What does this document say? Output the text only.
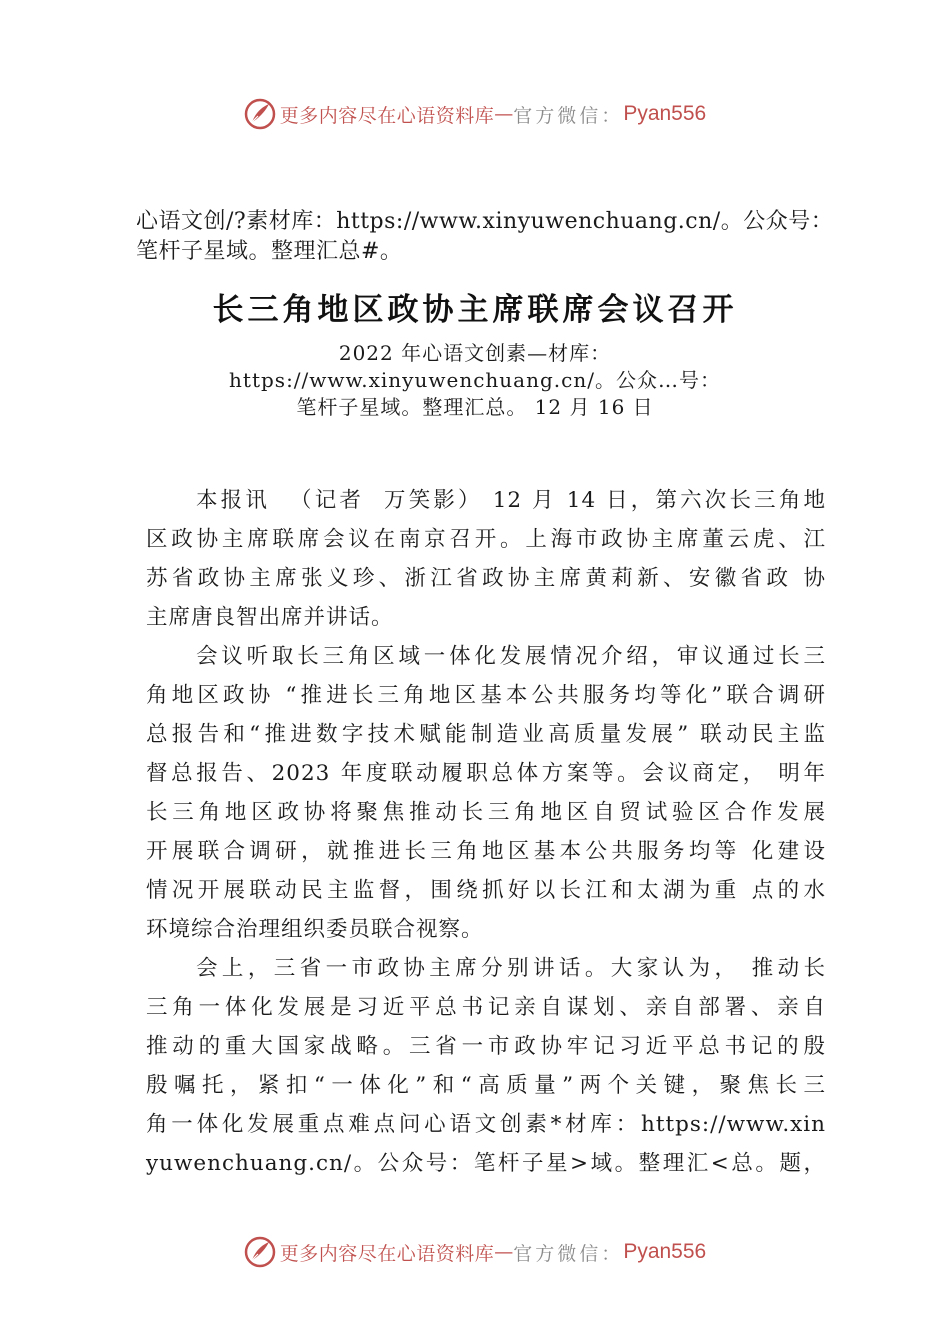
更多内容尽在心语资料库 — 官方微信： Pyan556
心语文创/?素材库：https://www.xinyuwenchuang.cn/。公众号：
笔杆子星域。整理汇总#。
长三角地区政协主席联席会议召开
2022 年心语文创素—材库：
https://www.xinyuwenchuang.cn/。公众…号：
笔杆子星域。整理汇总。 12 月 16 日
本报讯  （记者  万笑影） 12 月 14 日，第六次长三角地
区政协主席联席会议在南京召开。上海市政协主席董云虎、江
苏省政协主席张义珍、浙江省政协主席黄莉新、安徽省政 协
主席唐良智出席并讲话。
会议听取长三角区域一体化发展情况介绍，审议通过长三
角地区政协 “推进长三角地区基本公共服务均等化”联合调研
总报告和“推进数字技术赋能制造业高质量发展” 联动民主监
督总报告、2023 年度联动履职总体方案等。会议商定， 明年
长三角地区政协将聚焦推动长三角地区自贸试验区合作发展
开展联合调研，就推进长三角地区基本公共服务均等 化建设
情况开展联动民主监督，围绕抓好以长江和太湖为重 点的水
环境综合治理组织委员联合视察。
会上，三省一市政协主席分别讲话。大家认为， 推动长
三角一体化发展是习近平总书记亲自谋划、亲自部署、亲自
推动的重大国家战略。三省一市政协牢记习近平总书记的殷
殷嘱托，紧扣“一体化”和“高质量”两个关键，聚焦长三
角一体化发展重点难点问心语文创素*材库：https://www.xin
yuwenchuang.cn/。公众号：笔杆子星>域。整理汇<总。题，
更多内容尽在心语资料库 — 官方微信： Pyan556
